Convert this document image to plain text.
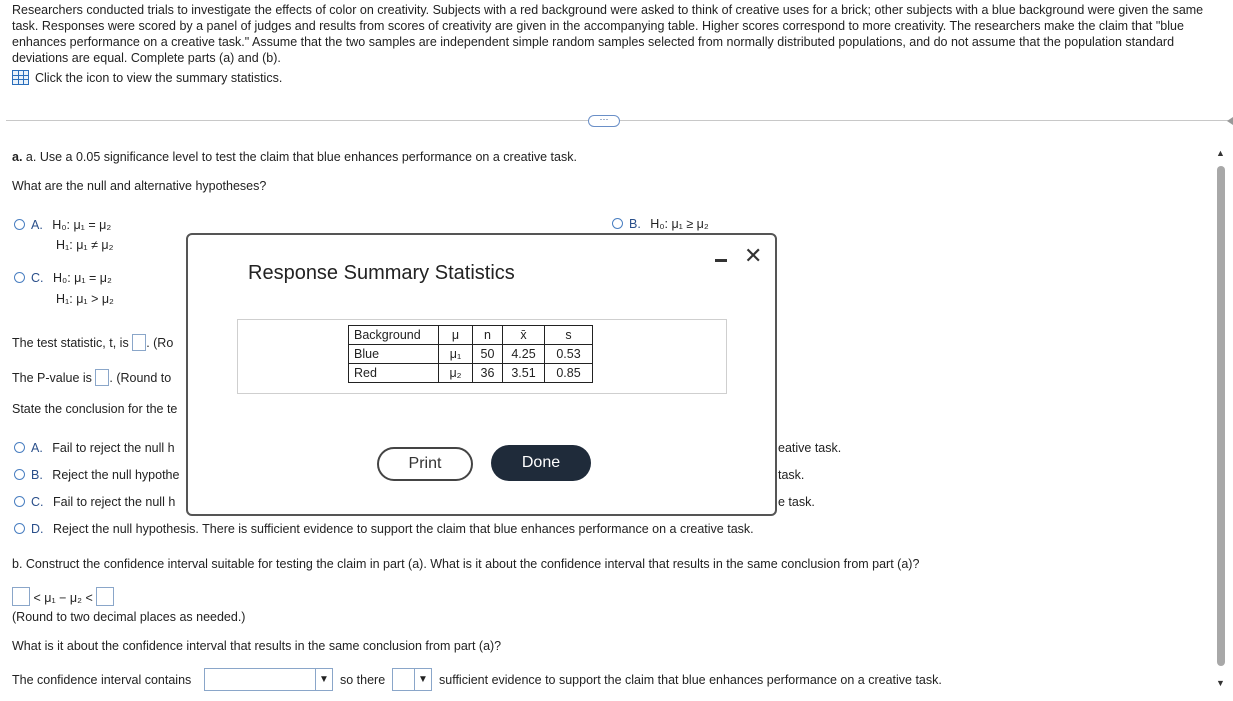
Researchers conducted trials to investigate the effects of color on creativity. Subjects with a red background were asked to think of creative uses for a brick; other subjects with a blue background were given the same task. Responses were scored by a panel of judges and results from scores of creativity are given in the accompanying table. Higher scores correspond to more creativity. The researchers make the claim that "blue enhances performance on a creative task." Assume that the two samples are independent simple random samples selected from normally distributed populations, and do not assume that the population standard deviations are equal. Complete parts (a) and (b).
Click the icon to view the summary statistics.
···
a. a. Use a 0.05 significance level to test the claim that blue enhances performance on a creative task.
What are the null and alternative hypotheses?
A. H₀: μ₁ = μ₂
H₁: μ₁ ≠ μ₂
B. H₀: μ₁ ≥ μ₂
C. H₀: μ₁ = μ₂
H₁: μ₁ > μ₂
The test statistic, t, is . (Ro
The P-value is . (Round to
State the conclusion for the te
A. Fail to reject the null h	eative task.
B. Reject the null hypothe	task.
C. Fail to reject the null h	e task.
D. Reject the null hypothesis. There is sufficient evidence to support the claim that blue enhances performance on a creative task.
b. Construct the confidence interval suitable for testing the claim in part (a). What is it about the confidence interval that results in the same conclusion from part (a)?
< μ₁ − μ₂ <
(Round to two decimal places as needed.)
What is it about the confidence interval that results in the same conclusion from part (a)?
The confidence interval contains	▼ so there	▼ sufficient evidence to support the claim that blue enhances performance on a creative task.
▲
▼
Response Summary Statistics
✕
Background	μ	n	x̄	s
Blue	μ₁	50	4.25	0.53
Red	μ₂	36	3.51	0.85
Print	Done
